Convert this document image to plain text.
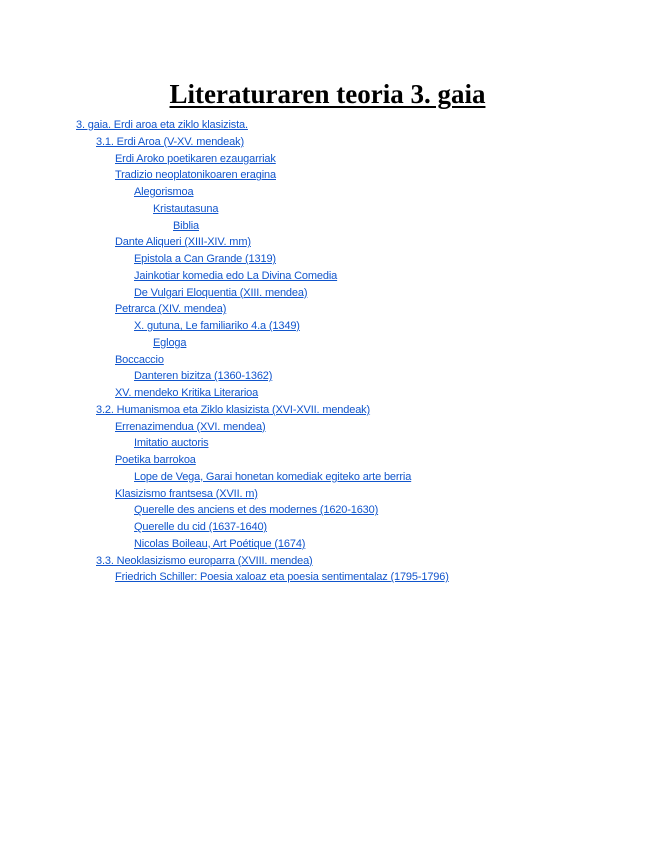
Literaturaren teoria 3. gaia
3. gaia. Erdi aroa eta ziklo klasizista.
3.1. Erdi Aroa (V-XV. mendeak)
Erdi Aroko poetikaren ezaugarriak
Tradizio neoplatonikoaren eragina
Alegorismoa
Kristautasuna
Biblia
Dante Aliqueri (XIII-XIV. mm)
Epistola a Can Grande (1319)
Jainkotiar komedia edo La Divina Comedia
De Vulgari Eloquentia (XIII. mendea)
Petrarca (XIV. mendea)
X. gutuna, Le familiariko 4.a (1349)
Egloga
Boccaccio
Danteren bizitza (1360-1362)
XV. mendeko Kritika Literarioa
3.2. Humanismoa eta Ziklo klasizista (XVI-XVII. mendeak)
Errenazimendua (XVI. mendea)
Imitatio auctoris
Poetika barrokoa
Lope de Vega, Garai honetan komediak egiteko arte berria
Klasizismo frantsesa (XVII. m)
Querelle des anciens et des modernes (1620-1630)
Querelle du cid (1637-1640)
Nicolas Boileau, Art Poétique (1674)
3.3. Neoklasizismo europarra (XVIII. mendea)
Friedrich Schiller: Poesia xaloaz eta poesia sentimentalaz (1795-1796)
